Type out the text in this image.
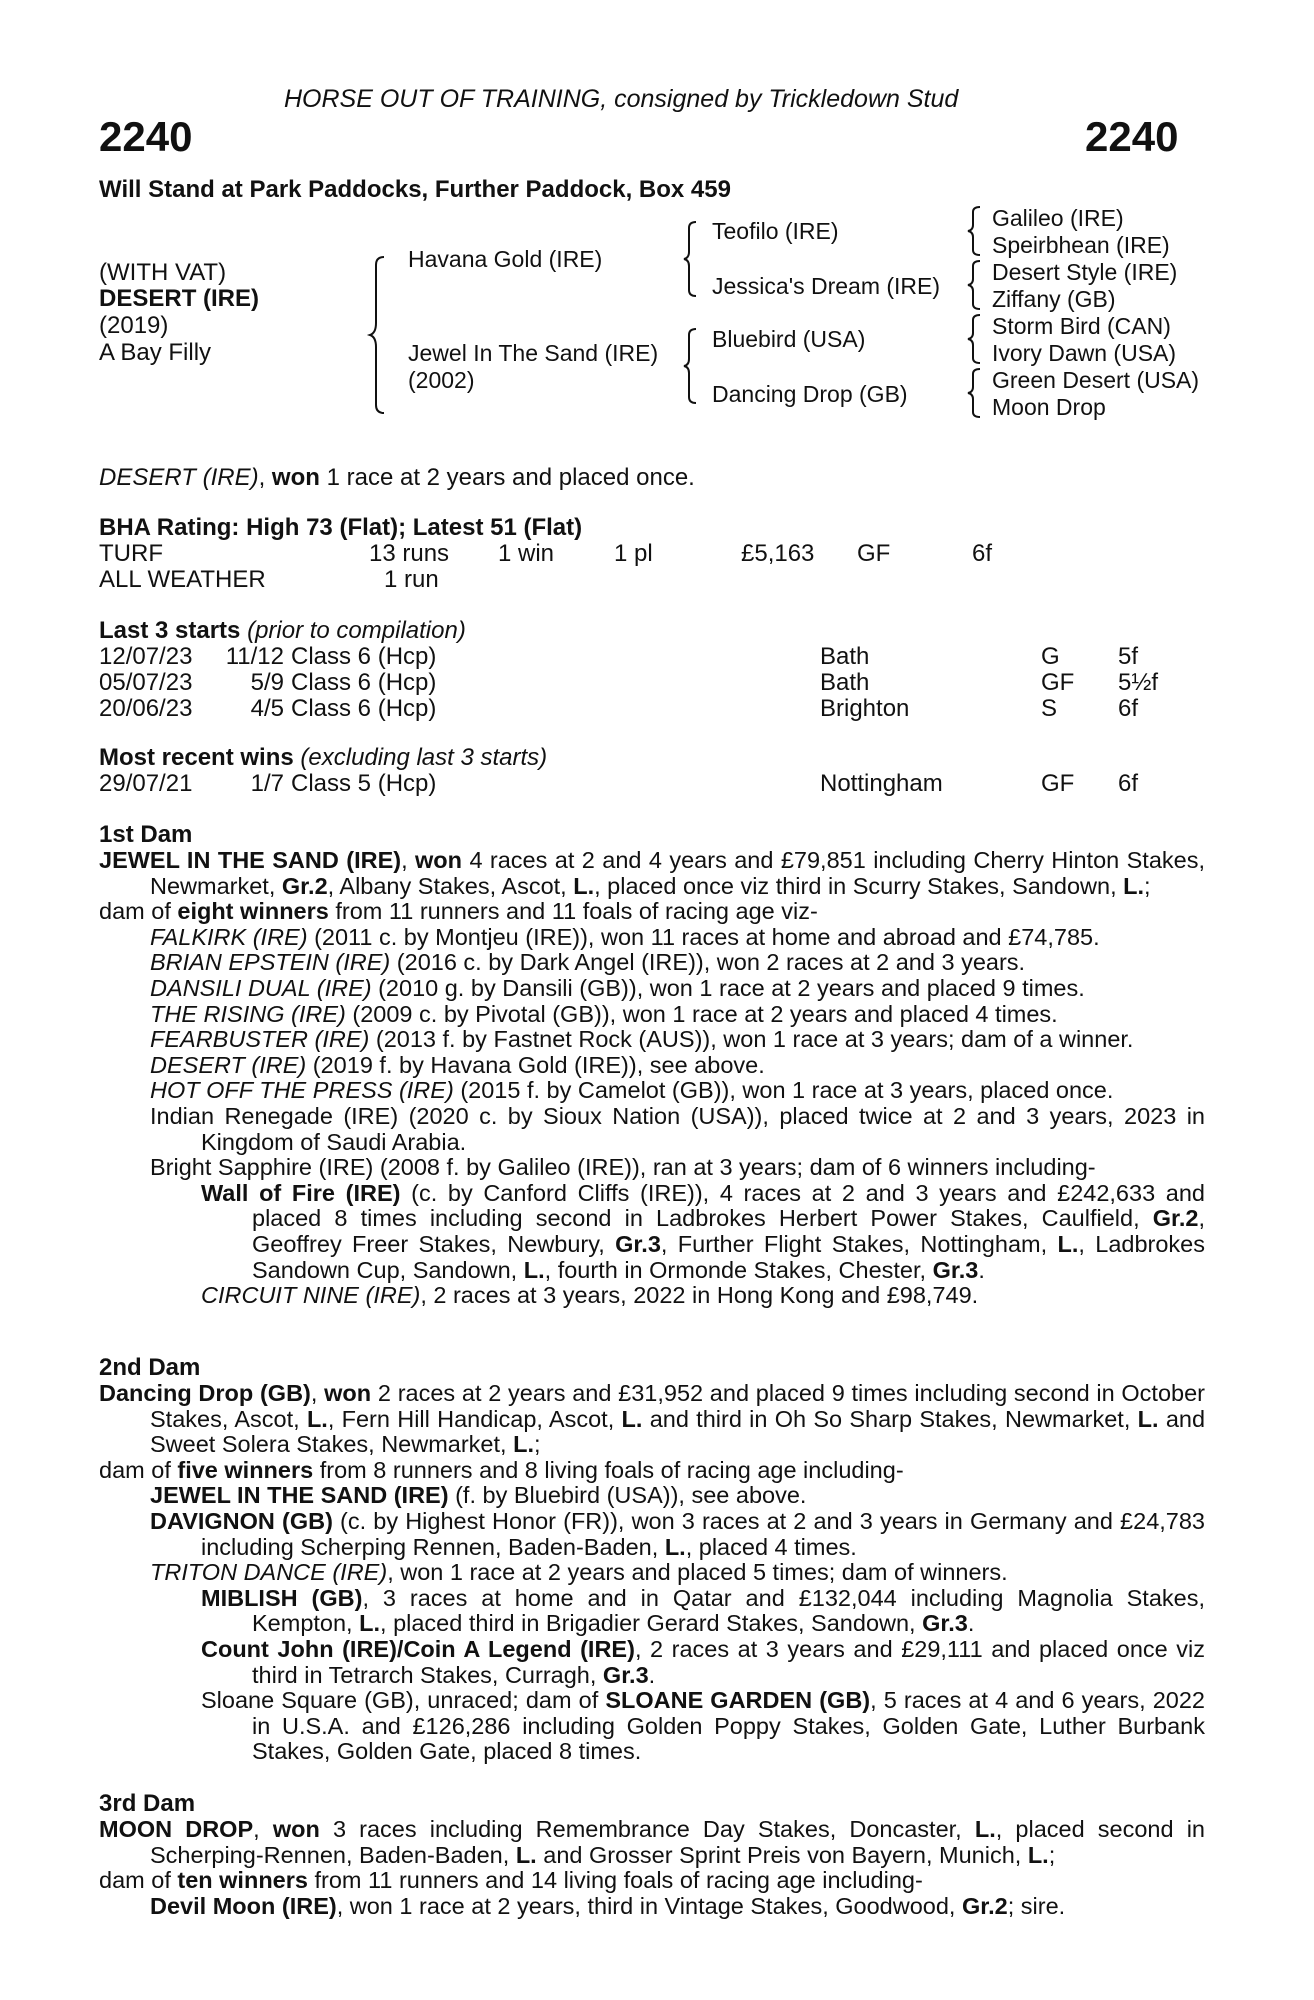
HORSE OUT OF TRAINING, consigned by Trickledown Stud
2240	2240
Will Stand at Park Paddocks, Further Paddock, Box 459
(WITH VAT)
DESERT (IRE)
(2019)
A Bay Filly
Havana Gold (IRE)
Jewel In The Sand (IRE)
(2002)
Teofilo (IRE)
Jessica's Dream (IRE)
Bluebird (USA)
Dancing Drop (GB)
Galileo (IRE)
Speirbhean (IRE)
Desert Style (IRE)
Ziffany (GB)
Storm Bird (CAN)
Ivory Dawn (USA)
Green Desert (USA)
Moon Drop
DESERT (IRE), won 1 race at 2 years and placed once.
BHA Rating: High 73 (Flat); Latest 51 (Flat)
TURF	13 runs 1 win 1 pl	£5,163 GF	6f
ALL WEATHER	1 run
Last 3 starts (prior to compilation)
12/07/23 11/12 Class 6 (Hcp)	Bath	G 5f
05/07/23 5/9 Class 6 (Hcp)	Bath	GF 5½f
20/06/23 4/5 Class 6 (Hcp)	Brighton	S	6f
Most recent wins (excluding last 3 starts)
29/07/21 1/7 Class 5 (Hcp)	Nottingham	GF 6f
1st Dam

JEWEL IN THE SAND (IRE), won 4 races at 2 and 4 years and £79,851 including Cherry Hinton Stakes, Newmarket, Gr.2, Albany Stakes, Ascot, L., placed once viz third in Scurry Stakes, Sandown, L.;

dam of eight winners from 11 runners and 11 foals of racing age viz-

FALKIRK (IRE) (2011 c. by Montjeu (IRE)), won 11 races at home and abroad and £74,785.

BRIAN EPSTEIN (IRE) (2016 c. by Dark Angel (IRE)), won 2 races at 2 and 3 years.

DANSILI DUAL (IRE) (2010 g. by Dansili (GB)), won 1 race at 2 years and placed 9 times.

THE RISING (IRE) (2009 c. by Pivotal (GB)), won 1 race at 2 years and placed 4 times.

FEARBUSTER (IRE) (2013 f. by Fastnet Rock (AUS)), won 1 race at 3 years; dam of a winner.

DESERT (IRE) (2019 f. by Havana Gold (IRE)), see above.

HOT OFF THE PRESS (IRE) (2015 f. by Camelot (GB)), won 1 race at 3 years, placed once.

Indian Renegade (IRE) (2020 c. by Sioux Nation (USA)), placed twice at 2 and 3 years, 2023 in Kingdom of Saudi Arabia.

Bright Sapphire (IRE) (2008 f. by Galileo (IRE)), ran at 3 years; dam of 6 winners including-

Wall of Fire (IRE) (c. by Canford Cliffs (IRE)), 4 races at 2 and 3 years and £242,633 and placed 8 times including second in Ladbrokes Herbert Power Stakes, Caulfield, Gr.2, Geoffrey Freer Stakes, Newbury, Gr.3, Further Flight Stakes, Nottingham, L., Ladbrokes Sandown Cup, Sandown, L., fourth in Ormonde Stakes, Chester, Gr.3.

CIRCUIT NINE (IRE), 2 races at 3 years, 2022 in Hong Kong and £98,749.

2nd Dam

Dancing Drop (GB), won 2 races at 2 years and £31,952 and placed 9 times including second in October Stakes, Ascot, L., Fern Hill Handicap, Ascot, L. and third in Oh So Sharp Stakes, Newmarket, L. and Sweet Solera Stakes, Newmarket, L.;

dam of five winners from 8 runners and 8 living foals of racing age including-

JEWEL IN THE SAND (IRE) (f. by Bluebird (USA)), see above.

DAVIGNON (GB) (c. by Highest Honor (FR)), won 3 races at 2 and 3 years in Germany and £24,783 including Scherping Rennen, Baden-Baden, L., placed 4 times.

TRITON DANCE (IRE), won 1 race at 2 years and placed 5 times; dam of winners.

MIBLISH (GB), 3 races at home and in Qatar and £132,044 including Magnolia Stakes, Kempton, L., placed third in Brigadier Gerard Stakes, Sandown, Gr.3.

Count John (IRE)/Coin A Legend (IRE), 2 races at 3 years and £29,111 and placed once viz third in Tetrarch Stakes, Curragh, Gr.3.

Sloane Square (GB), unraced; dam of SLOANE GARDEN (GB), 5 races at 4 and 6 years, 2022 in U.S.A. and £126,286 including Golden Poppy Stakes, Golden Gate, Luther Burbank Stakes, Golden Gate, placed 8 times.

3rd Dam

MOON DROP, won 3 races including Remembrance Day Stakes, Doncaster, L., placed second in Scherping-Rennen, Baden-Baden, L. and Grosser Sprint Preis von Bayern, Munich, L.;

dam of ten winners from 11 runners and 14 living foals of racing age including-

Devil Moon (IRE), won 1 race at 2 years, third in Vintage Stakes, Goodwood, Gr.2; sire.
